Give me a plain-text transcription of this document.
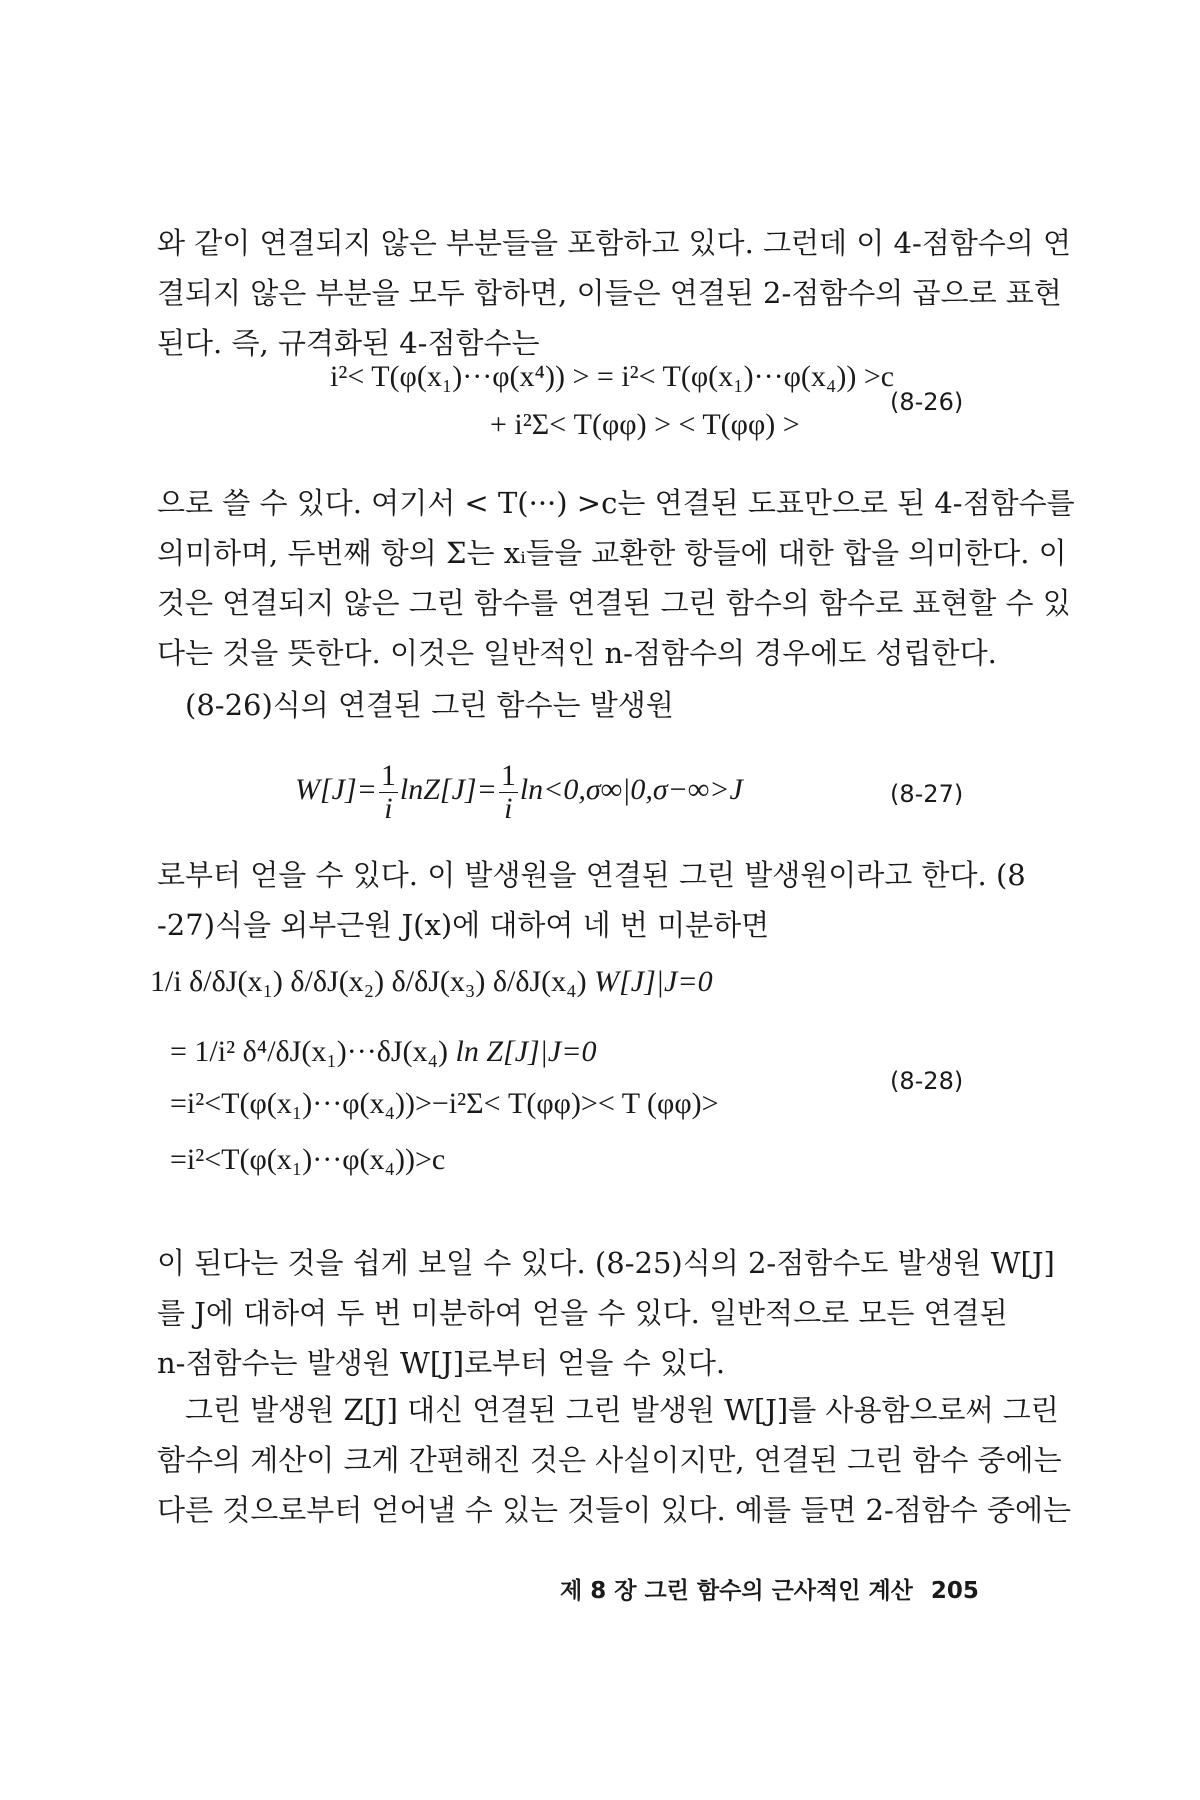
와 같이 연결되지 않은 부분들을 포함하고 있다. 그런데 이 4-점함수의 연
결되지 않은 부분을 모두 합하면, 이들은 연결된 2-점함수의 곱으로 표현
된다. 즉, 규격화된 4-점함수는

i²< T(φ(x₁)···φ(x⁴)) > = i²< T(φ(x₁)···φ(x₄)) >c
+ i²Σ< T(φφ) > < T(φφ) >
(8-26)

으로 쓸 수 있다. 여기서 < T(···) >c는 연결된 도표만으로 된 4-점함수를
의미하며, 두번째 항의 Σ는 xᵢ들을 교환한 항들에 대한 합을 의미한다. 이
것은 연결되지 않은 그린 함수를 연결된 그린 함수의 함수로 표현할 수 있
다는 것을 뜻한다. 이것은 일반적인 n-점함수의 경우에도 성립한다.

(8-26)식의 연결된 그린 함수는 발생원

$W[J]= \frac{1}{i} \ln Z[J]= \frac{1}{i} \ln<0,\sigma\infty|0,\sigma-\infty>J$	(8-27)

로부터 얻을 수 있다. 이 발생원을 연결된 그린 발생원이라고 한다. (8
-27)식을 외부근원 J(x)에 대하여 네 번 미분하면

1/i δ/δJ(x₁) δ/δJ(x₂) δ/δJ(x₃) δ/δJ(x₄) W[J]|J=0
= 1/i² δ⁴/δJ(x₁)···δJ(x₄) ln Z[J]|J=0
=i²<T(φ(x₁)···φ(x₄))>−i²Σ< T(φφ)>< T (φφ)>
=i²<T(φ(x₁)···φ(x₄))>c
(8-28)

이 된다는 것을 쉽게 보일 수 있다. (8-25)식의 2-점함수도 발생원 W[J]
를 J에 대하여 두 번 미분하여 얻을 수 있다. 일반적으로 모든 연결된
n-점함수는 발생원 W[J]로부터 얻을 수 있다.

그린 발생원 Z[J] 대신 연결된 그린 발생원 W[J]를 사용함으로써 그린
함수의 계산이 크게 간편해진 것은 사실이지만, 연결된 그린 함수 중에는
다른 것으로부터 얻어낼 수 있는 것들이 있다. 예를 들면 2-점함수 중에는

제 8 장 그린 함수의 근사적인 계산 205
